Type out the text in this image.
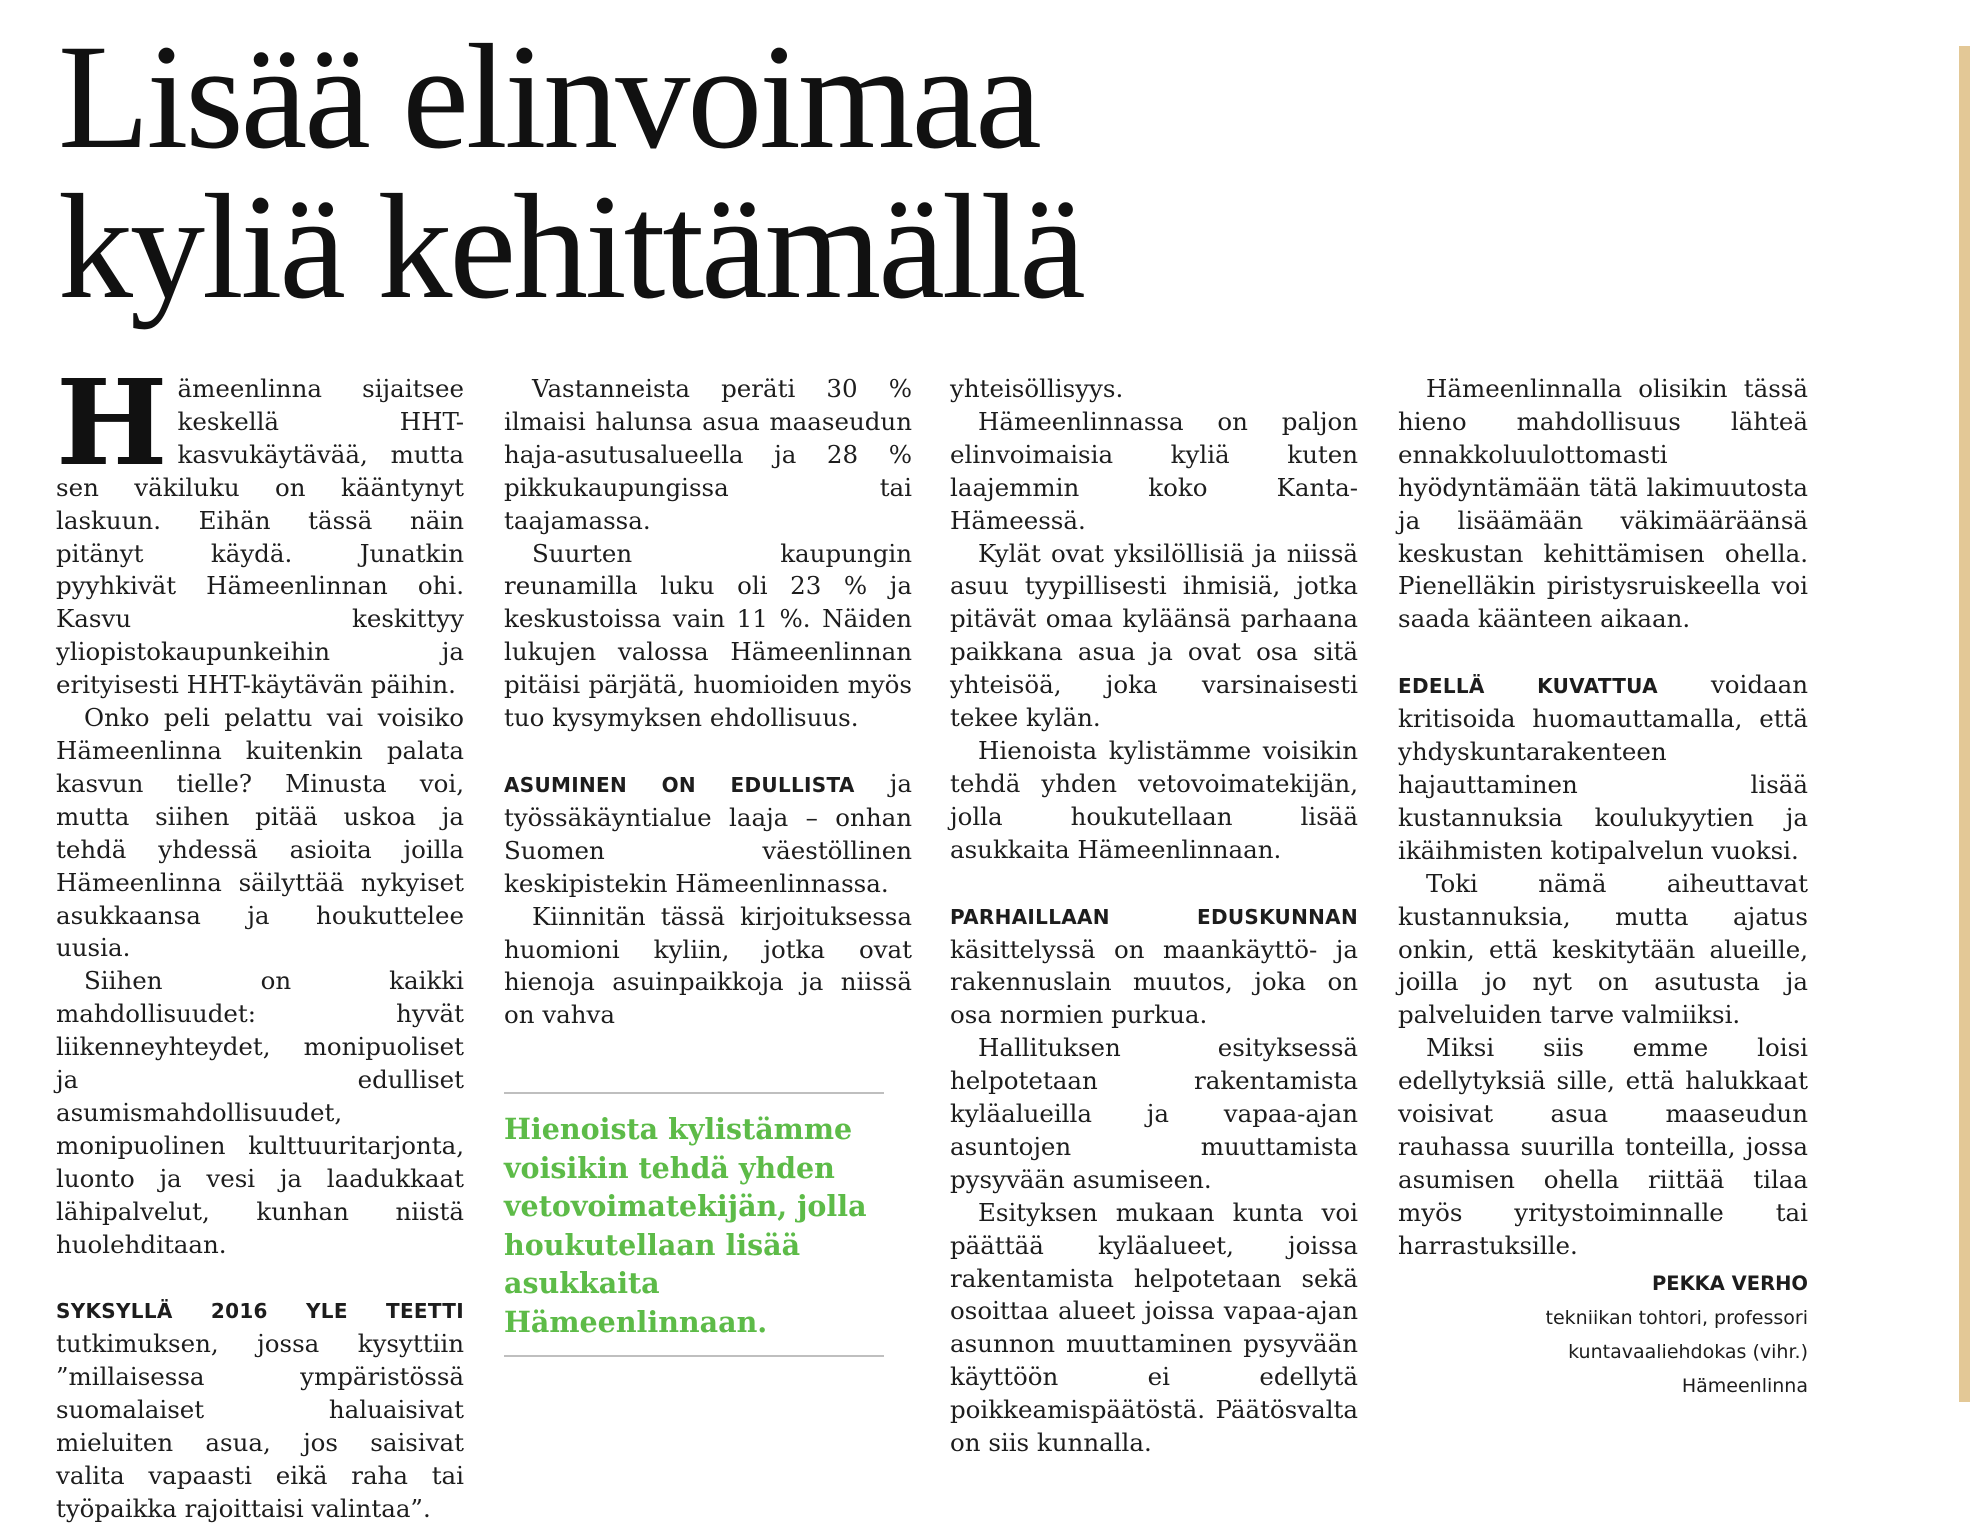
Lisää elinvoimaa
kyliä kehittämällä

Hämeenlinna sijaitsee keskellä HHT-kasvukäytävää, mutta sen väkiluku on kääntynyt laskuun. Eihän tässä näin pitänyt käydä. Junatkin pyyhkivät Hämeenlinnan ohi. Kasvu keskittyy yliopistokaupunkeihin ja erityisesti HHT-käytävän päihin.

Onko peli pelattu vai voisiko Hämeenlinna kuitenkin palata kasvun tielle? Minusta voi, mutta siihen pitää uskoa ja tehdä yhdessä asioita joilla Hämeenlinna säilyttää nykyiset asukkaansa ja houkuttelee uusia.

Siihen on kaikki mahdollisuudet: hyvät liikenneyhteydet, monipuoliset ja edulliset asumismahdollisuudet, monipuolinen kulttuuritarjonta, luonto ja vesi ja laadukkaat lähipalvelut, kunhan niistä huolehditaan.

SYKSYLLÄ 2016 YLE TEETTI tutkimuksen, jossa kysyttiin ”millaisessa ympäristössä suomalaiset haluaisivat mieluiten asua, jos saisivat valita vapaasti eikä raha tai työpaikka rajoittaisi valintaa”.

Vastanneista peräti 30 % ilmaisi halunsa asua maaseudun haja-asutusalueella ja 28 % pikkukaupungissa tai taajamassa.

Suurten kaupungin reunamilla luku oli 23 % ja keskustoissa vain 11 %. Näiden lukujen valossa Hämeenlinnan pitäisi pärjätä, huomioiden myös tuo kysymyksen ehdollisuus.

ASUMINEN ON EDULLISTA ja työssäkäyntialue laaja – onhan Suomen väestöllinen keskipistekin Hämeenlinnassa.

Kiinnitän tässä kirjoituksessa huomioni kyliin, jotka ovat hienoja asuinpaikkoja ja niissä on vahva

Hienoista kylistämme voisikin tehdä yhden vetovoimatekijän, jolla houkutellaan lisää asukkaita Hämeenlinnaan.

yhteisöllisyys.

Hämeenlinnassa on paljon elinvoimaisia kyliä kuten laajemmin koko Kanta-Hämeessä.

Kylät ovat yksilöllisiä ja niissä asuu tyypillisesti ihmisiä, jotka pitävät omaa kyläänsä parhaana paikkana asua ja ovat osa sitä yhteisöä, joka varsinaisesti tekee kylän.

Hienoista kylistämme voisikin tehdä yhden vetovoimatekijän, jolla houkutellaan lisää asukkaita Hämeenlinnaan.

PARHAILLAAN EDUSKUNNAN käsittelyssä on maankäyttö- ja rakennuslain muutos, joka on osa normien purkua.

Hallituksen esityksessä helpotetaan rakentamista kyläalueilla ja vapaa-ajan asuntojen muuttamista pysyvään asumiseen.

Esityksen mukaan kunta voi päättää kyläalueet, joissa rakentamista helpotetaan sekä osoittaa alueet joissa vapaa-ajan asunnon muuttaminen pysyvään käyttöön ei edellytä poikkeamispäätöstä. Päätösvalta on siis kunnalla.

Hämeenlinnalla olisikin tässä hieno mahdollisuus lähteä ennakkoluulottomasti hyödyntämään tätä lakimuutosta ja lisäämään väkimääräänsä keskustan kehittämisen ohella. Pienelläkin piristysruiskeella voi saada käänteen aikaan.

EDELLÄ KUVATTUA voidaan kritisoida huomauttamalla, että yhdyskuntarakenteen hajauttaminen lisää kustannuksia koulukyytien ja ikäihmisten kotipalvelun vuoksi.

Toki nämä aiheuttavat kustannuksia, mutta ajatus onkin, että keskitytään alueille, joilla jo nyt on asutusta ja palveluiden tarve valmiiksi.

Miksi siis emme loisi edellytyksiä sille, että halukkaat voisivat asua maaseudun rauhassa suurilla tonteilla, jossa asumisen ohella riittää tilaa myös yritystoiminnalle tai harrastuksille.

PEKKA VERHO
tekniikan tohtori, professori
kuntavaaliehdokas (vihr.)
Hämeenlinna
